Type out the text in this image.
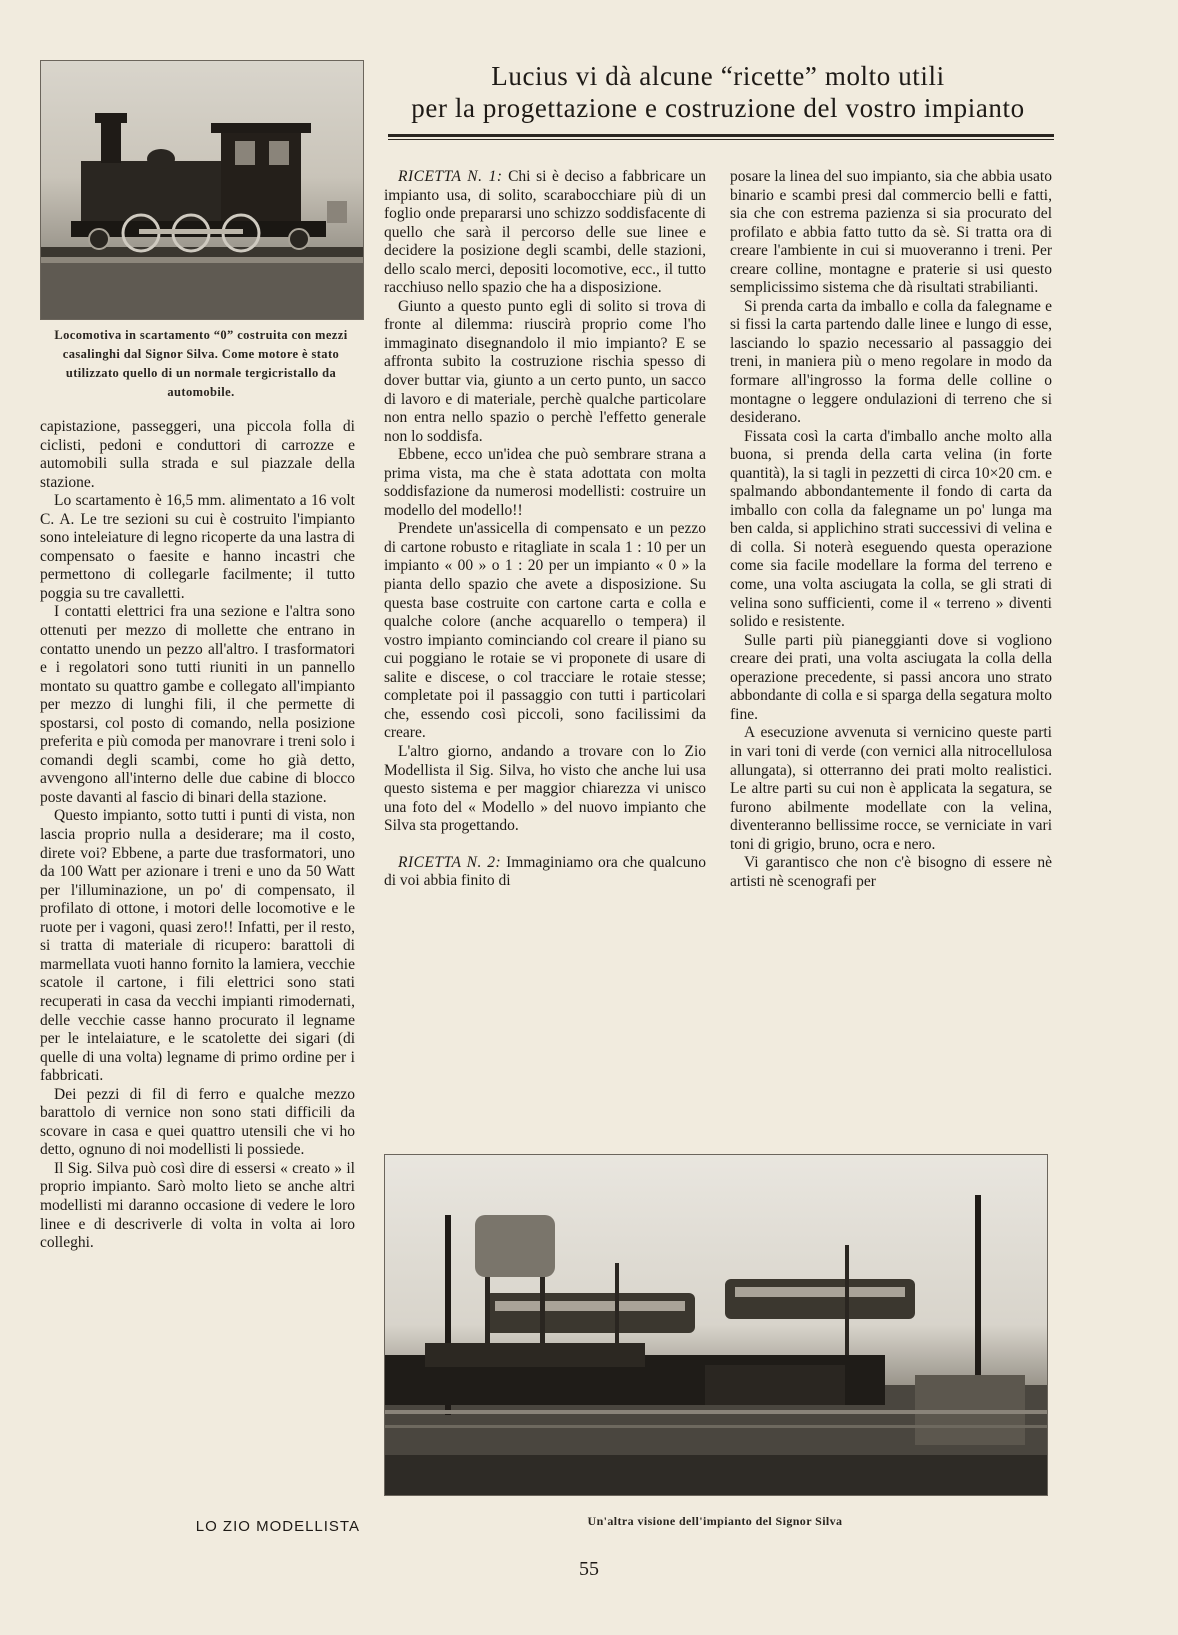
Locomotiva in scartamento “0” costruita con mezzi casalinghi dal Signor Silva. Come motore è stato utilizzato quello di un normale tergicristallo da automobile.
Lucius vi dà alcune “ricette” molto utili
per la progettazione e costruzione del vostro impianto

capistazione, passeggeri, una piccola folla di ciclisti, pedoni e conduttori di carrozze e automobili sulla strada e sul piazzale della stazione.

Lo scartamento è 16,5 mm. alimentato a 16 volt C. A. Le tre sezioni su cui è costruito l'impianto sono inteleiature di legno ricoperte da una lastra di compensato o faesite e hanno incastri che permettono di collegarle facilmente; il tutto poggia su tre cavalletti.

I contatti elettrici fra una sezione e l'altra sono ottenuti per mezzo di mollette che entrano in contatto unendo un pezzo all'altro. I trasformatori e i regolatori sono tutti riuniti in un pannello montato su quattro gambe e collegato all'impianto per mezzo di lunghi fili, il che permette di spostarsi, col posto di comando, nella posizione preferita e più comoda per manovrare i treni solo i comandi degli scambi, come ho già detto, avvengono all'interno delle due cabine di blocco poste davanti al fascio di binari della stazione.

Questo impianto, sotto tutti i punti di vista, non lascia proprio nulla a desiderare; ma il costo, direte voi? Ebbene, a parte due trasformatori, uno da 100 Watt per azionare i treni e uno da 50 Watt per l'illuminazione, un po' di compensato, il profilato di ottone, i motori delle locomotive e le ruote per i vagoni, quasi zero!! Infatti, per il resto, si tratta di materiale di ricupero: barattoli di marmellata vuoti hanno fornito la lamiera, vecchie scatole il cartone, i fili elettrici sono stati recuperati in casa da vecchi impianti rimodernati, delle vecchie casse hanno procurato il legname per le intelaiature, e le scatolette dei sigari (di quelle di una volta) legname di primo ordine per i fabbricati.

Dei pezzi di fil di ferro e qualche mezzo barattolo di vernice non sono stati difficili da scovare in casa e quei quattro utensili che vi ho detto, ognuno di noi modellisti li possiede.

Il Sig. Silva può così dire di essersi « creato » il proprio impianto. Sarò molto lieto se anche altri modellisti mi daranno occasione di vedere le loro linee e di descriverle di volta in volta ai loro colleghi.

LO ZIO MODELLISTA

RICETTA N. 1: Chi si è deciso a fabbricare un impianto usa, di solito, scarabocchiare più di un foglio onde prepararsi uno schizzo soddisfacente di quello che sarà il percorso delle sue linee e decidere la posizione degli scambi, delle stazioni, dello scalo merci, depositi locomotive, ecc., il tutto racchiuso nello spazio che ha a disposizione.

Giunto a questo punto egli di solito si trova di fronte al dilemma: riuscirà proprio come l'ho immaginato disegnandolo il mio impianto? E se affronta subito la costruzione rischia spesso di dover buttar via, giunto a un certo punto, un sacco di lavoro e di materiale, perchè qualche particolare non entra nello spazio o perchè l'effetto generale non lo soddisfa.

Ebbene, ecco un'idea che può sembrare strana a prima vista, ma che è stata adottata con molta soddisfazione da numerosi modellisti: costruire un modello del modello!!

Prendete un'assicella di compensato e un pezzo di cartone robusto e ritagliate in scala 1 : 10 per un impianto « 00 » o 1 : 20 per un impianto « 0 » la pianta dello spazio che avete a disposizione. Su questa base costruite con cartone carta e colla e qualche colore (anche acquarello o tempera) il vostro impianto cominciando col creare il piano su cui poggiano le rotaie se vi proponete di usare di salite e discese, o col tracciare le rotaie stesse; completate poi il passaggio con tutti i particolari che, essendo così piccoli, sono facilissimi da creare.

L'altro giorno, andando a trovare con lo Zio Modellista il Sig. Silva, ho visto che anche lui usa questo sistema e per maggior chiarezza vi unisco una foto del « Modello » del nuovo impianto che Silva sta progettando.

RICETTA N. 2: Immaginiamo ora che qualcuno di voi abbia finito di

posare la linea del suo impianto, sia che abbia usato binario e scambi presi dal commercio belli e fatti, sia che con estrema pazienza si sia procurato del profilato e abbia fatto tutto da sè. Si tratta ora di creare l'ambiente in cui si muoveranno i treni. Per creare colline, montagne e praterie si usi questo semplicissimo sistema che dà risultati strabilianti.

Si prenda carta da imballo e colla da falegname e si fissi la carta partendo dalle linee e lungo di esse, lasciando lo spazio necessario al passaggio dei treni, in maniera più o meno regolare in modo da formare all'ingrosso la forma delle colline o montagne o leggere ondulazioni di terreno che si desiderano.

Fissata così la carta d'imballo anche molto alla buona, si prenda della carta velina (in forte quantità), la si tagli in pezzetti di circa 10×20 cm. e spalmando abbondantemente il fondo di carta da imballo con colla da falegname un po' lunga ma ben calda, si applichino strati successivi di velina e di colla. Si noterà eseguendo questa operazione come sia facile modellare la forma del terreno e come, una volta asciugata la colla, se gli strati di velina sono sufficienti, come il « terreno » diventi solido e resistente.

Sulle parti più pianeggianti dove si vogliono creare dei prati, una volta asciugata la colla della operazione precedente, si passi ancora uno strato abbondante di colla e si sparga della segatura molto fine.

A esecuzione avvenuta si vernicino queste parti in vari toni di verde (con vernici alla nitrocellulosa allungata), si otterranno dei prati molto realistici. Le altre parti su cui non è applicata la segatura, se furono abilmente modellate con la velina, diventeranno bellissime rocce, se verniciate in vari toni di grigio, bruno, ocra e nero.

Vi garantisco che non c'è bisogno di essere nè artisti nè scenografi per

Un'altra visione dell'impianto del Signor Silva
55
